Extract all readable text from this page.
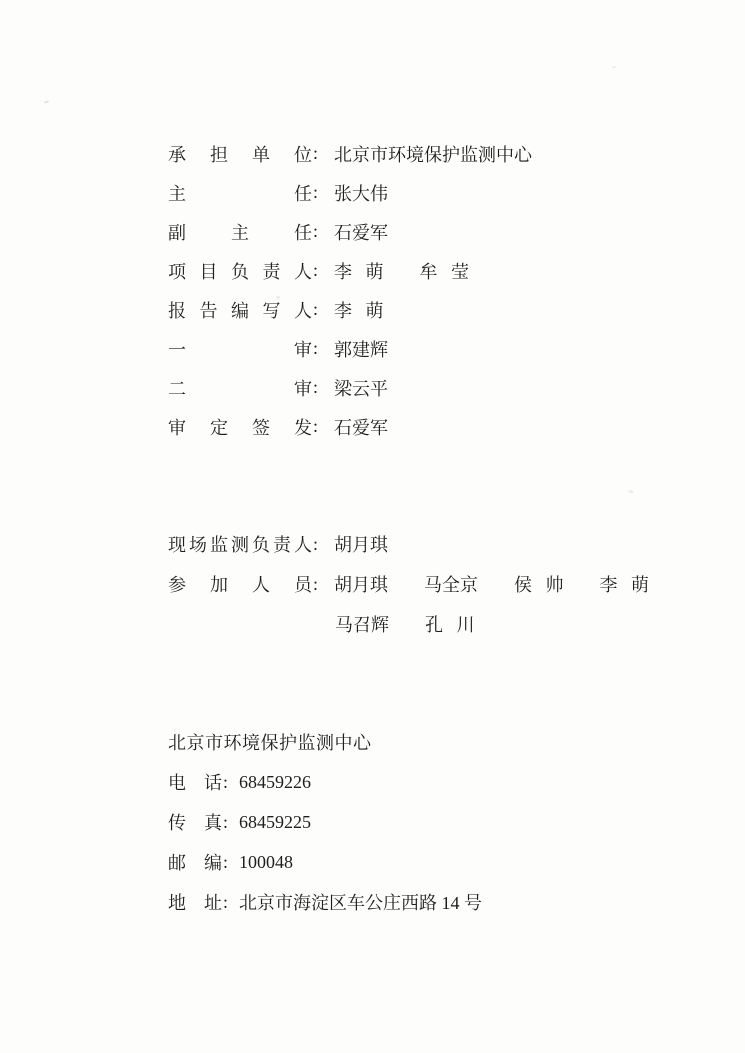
承 担 单 位 : 北京市环境保护监测中心
主 任 : 张大伟
副 主 任 : 石爱军
项 目 负 责 人 : 李   萌        牟   莹
报 告 编 写 人 : 李   萌
一 审 : 郭建辉
二 审 : 梁云平
审 定 签 发 : 石爱军
现场监测负责人 : 胡月琪
参 加 人 员 : 胡月琪        马全京        侯   帅        李   萌
马召辉        孔   川
北京市环境保护监测中心
电 话 : 68459226
传 真 : 68459225
邮 编 : 100048
地 址 : 北京市海淀区车公庄西路 14 号
